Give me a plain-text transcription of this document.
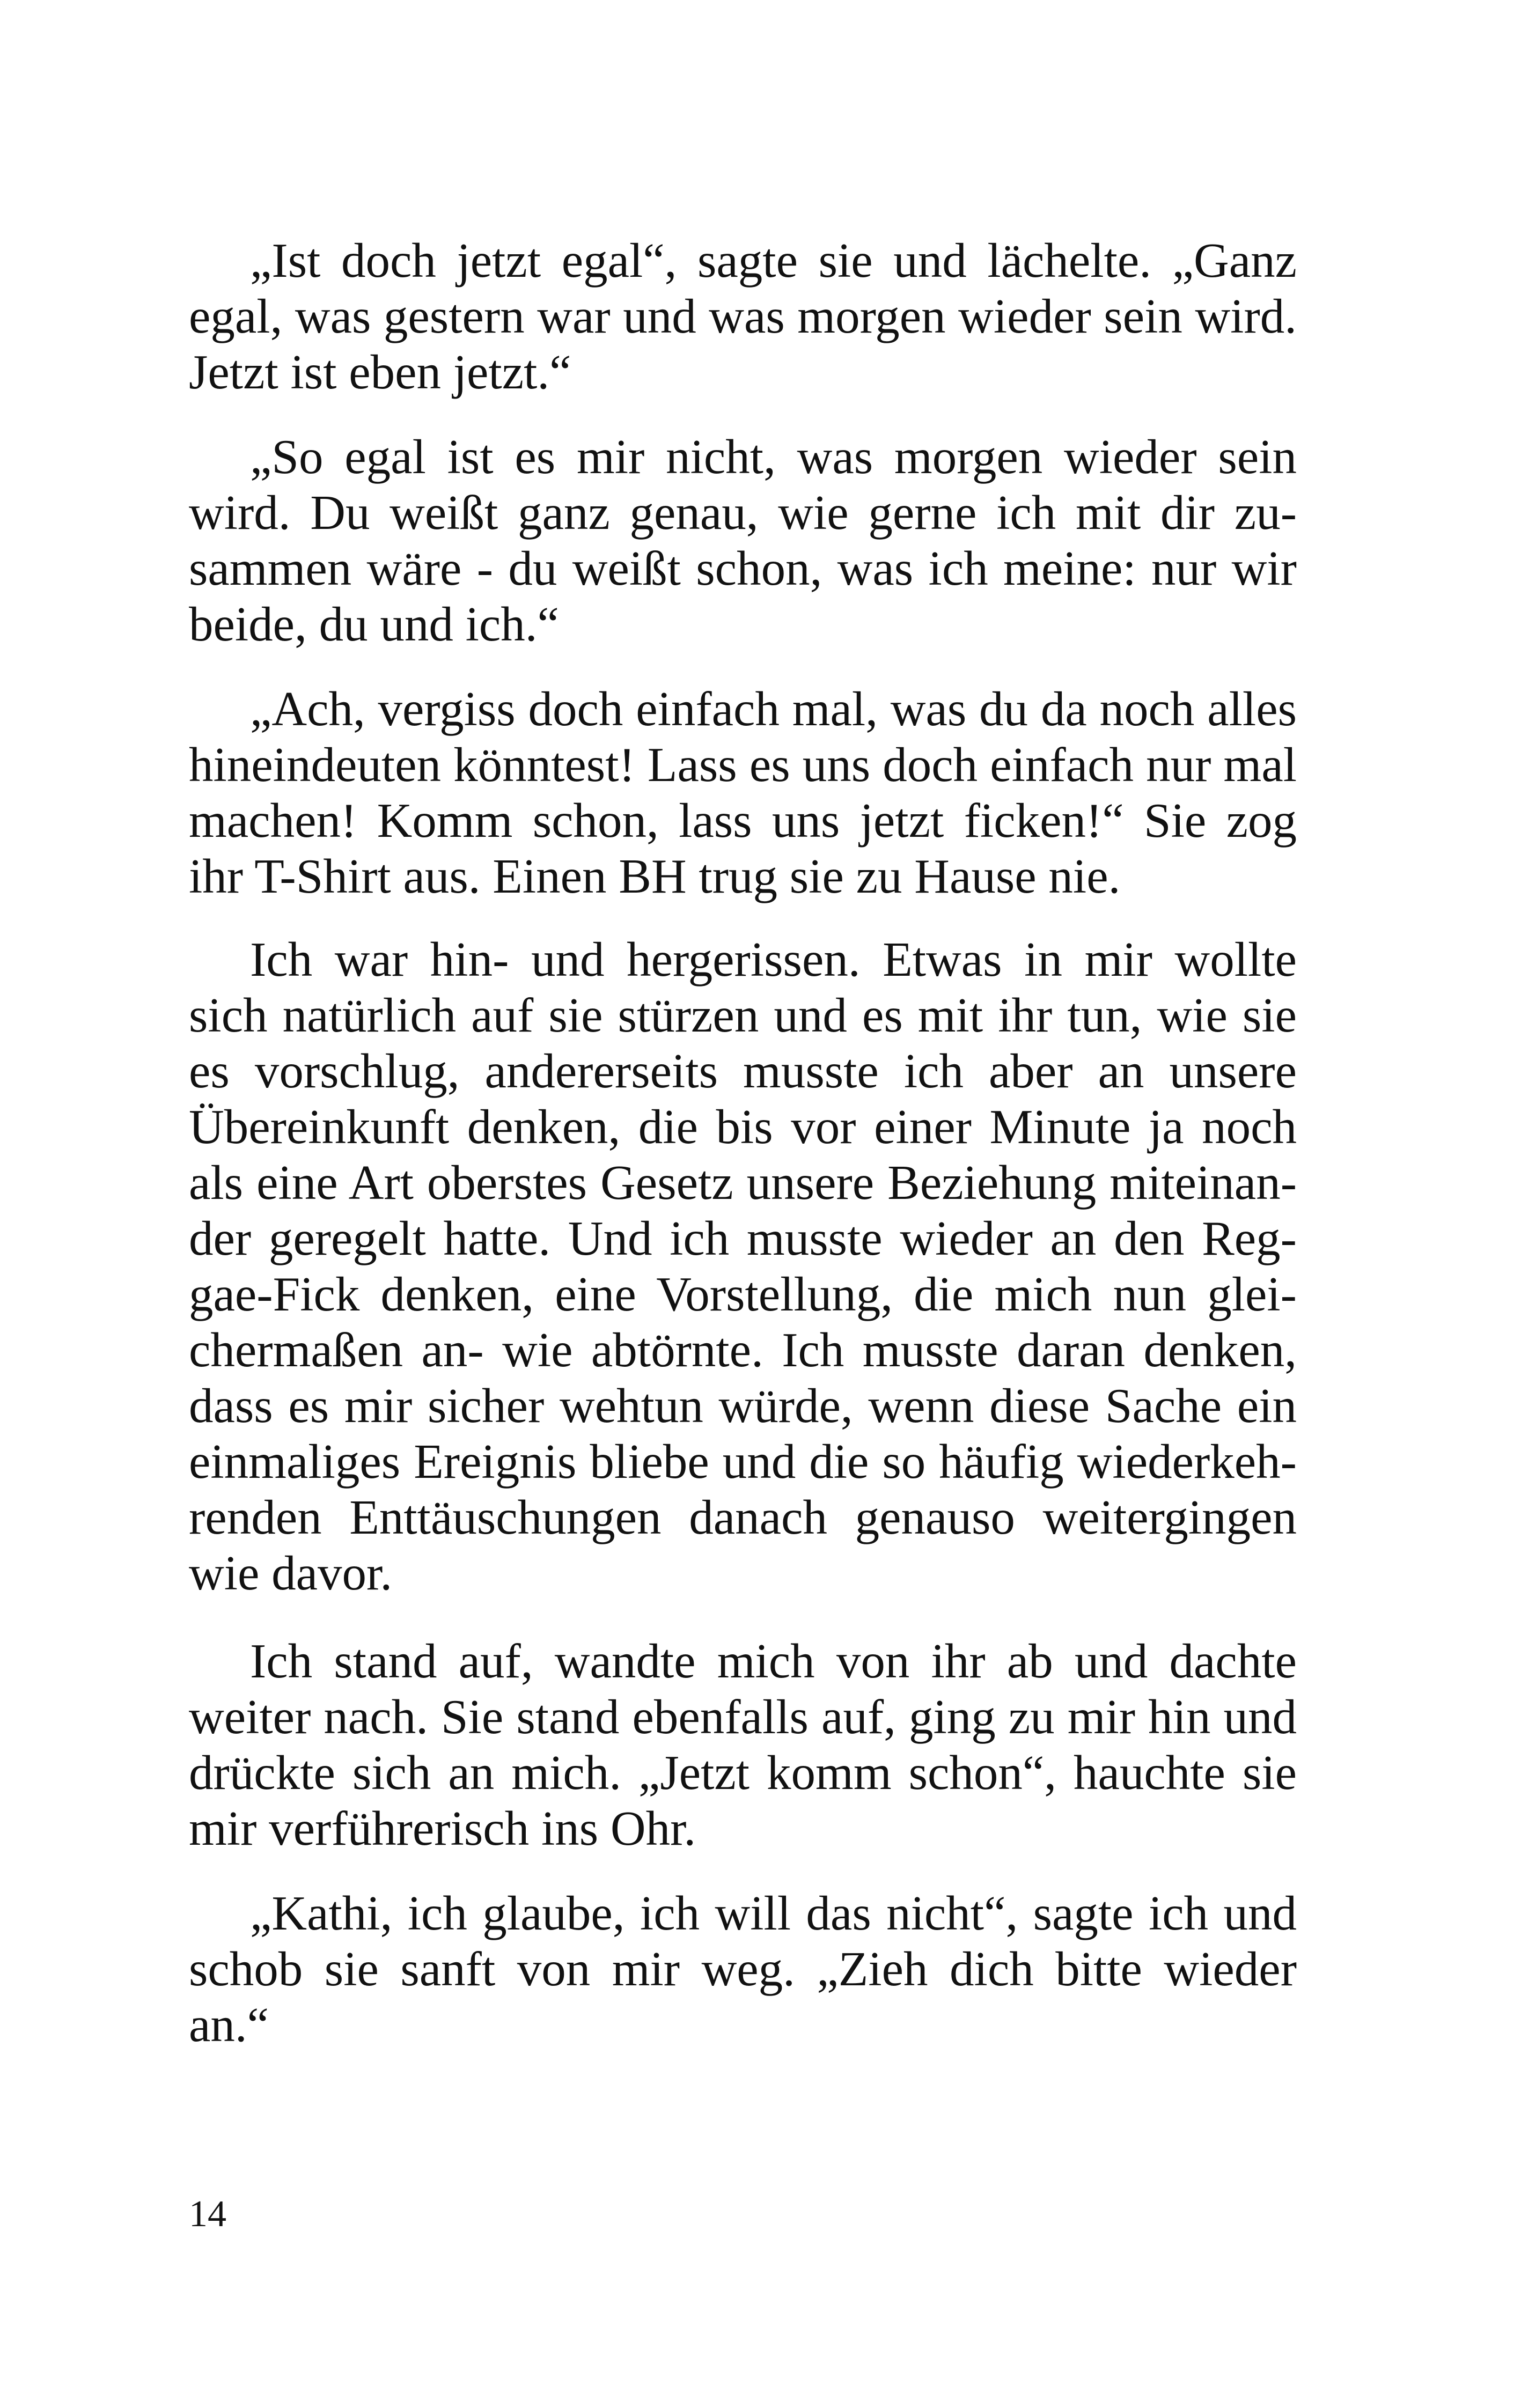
„Ist doch jetzt egal“, sagte sie und lächelte. „Ganz
egal, was gestern war und was morgen wieder sein wird.
Jetzt ist eben jetzt.“
„So egal ist es mir nicht, was morgen wieder sein
wird. Du weißt ganz genau, wie gerne ich mit dir zu-
sammen wäre - du weißt schon, was ich meine: nur wir
beide, du und ich.“
„Ach, vergiss doch einfach mal, was du da noch alles
hineindeuten könntest! Lass es uns doch einfach nur mal
machen! Komm schon, lass uns jetzt ficken!“ Sie zog
ihr T-Shirt aus. Einen BH trug sie zu Hause nie.
Ich war hin- und hergerissen. Etwas in mir wollte
sich natürlich auf sie stürzen und es mit ihr tun, wie sie
es vorschlug, andererseits musste ich aber an unsere
Übereinkunft denken, die bis vor einer Minute ja noch
als eine Art oberstes Gesetz unsere Beziehung miteinan-
der geregelt hatte. Und ich musste wieder an den Reg-
gae-Fick denken, eine Vorstellung, die mich nun glei-
chermaßen an- wie abtörnte. Ich musste daran denken,
dass es mir sicher wehtun würde, wenn diese Sache ein
einmaliges Ereignis bliebe und die so häufig wiederkeh-
renden Enttäuschungen danach genauso weitergingen
wie davor.
Ich stand auf, wandte mich von ihr ab und dachte
weiter nach. Sie stand ebenfalls auf, ging zu mir hin und
drückte sich an mich. „Jetzt komm schon“, hauchte sie
mir verführerisch ins Ohr.
„Kathi, ich glaube, ich will das nicht“, sagte ich und
schob sie sanft von mir weg. „Zieh dich bitte wieder
an.“
14
